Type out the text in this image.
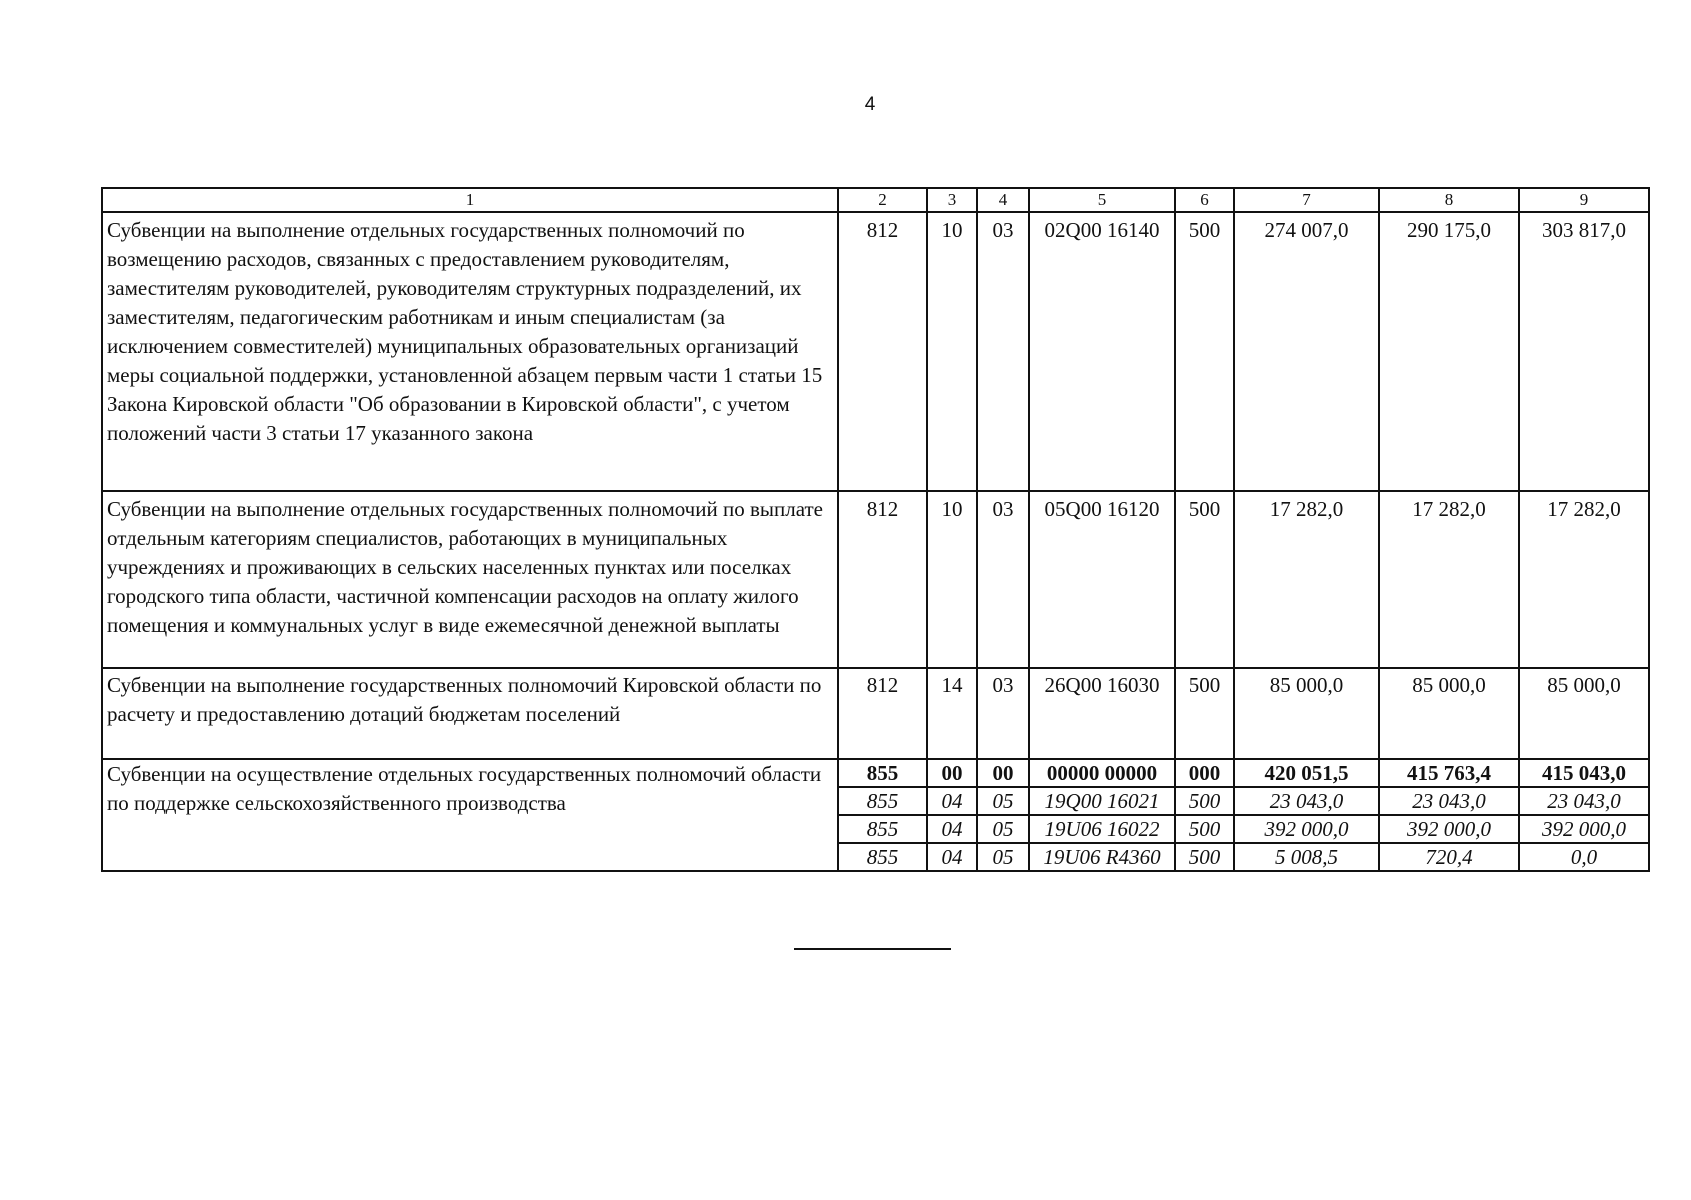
4
1	2	3	4	5	6	7	8	9
Субвенции на выполнение отдельных государственных полномочий по возмещению расходов, связанных с предоставлением руководителям, заместителям руководителей, руководителям структурных подразделений, их заместителям, педагогическим работникам и иным специалистам (за исключением совместителей) муниципальных образовательных организаций меры социальной поддержки, установленной абзацем первым части 1 статьи 15 Закона Кировской области "Об образовании в Кировской области", с учетом положений части 3 статьи 17 указанного закона	812	10	03	02Q00 16140	500	274 007,0	290 175,0	303 817,0
Субвенции на выполнение отдельных государственных полномочий по выплате отдельным категориям специалистов, работающих в муниципальных учреждениях и проживающих в сельских населенных пунктах или поселках городского типа области, частичной компенсации расходов на оплату жилого помещения и коммунальных услуг в виде ежемесячной денежной выплаты	812	10	03	05Q00 16120	500	17 282,0	17 282,0	17 282,0
Субвенции на выполнение государственных полномочий Кировской области по расчету и предоставлению дотаций бюджетам поселений	812	14	03	26Q00 16030	500	85 000,0	85 000,0	85 000,0
Субвенции на осуществление отдельных государственных полномочий области по поддержке сельскохозяйственного производства	855	00	00	00000 00000	000	420 051,5	415 763,4	415 043,0
	855	04	05	19Q00 16021	500	23 043,0	23 043,0	23 043,0
	855	04	05	19U06 16022	500	392 000,0	392 000,0	392 000,0
	855	04	05	19U06 R4360	500	5 008,5	720,4	0,0
